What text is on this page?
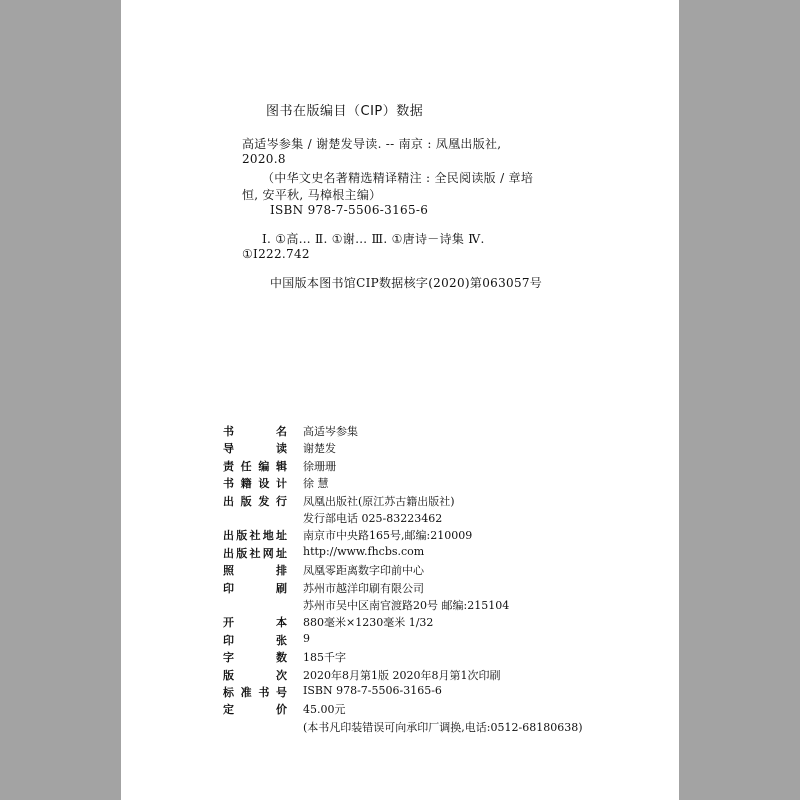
图书在版编目（CIP）数据
高适岑参集 / 谢楚发导读. -- 南京 : 凤凰出版社,
2020.8
（中华文史名著精选精译精注 : 全民阅读版 / 章培
恒, 安平秋, 马樟根主编）
ISBN 978-7-5506-3165-6
Ⅰ. ①高… Ⅱ. ①谢… Ⅲ. ①唐诗－诗集 Ⅳ.
①I222.742
中国版本图书馆CIP数据核字(2020)第063057号
书名 高适岑参集
导读 谢楚发
责任编辑 徐珊珊
书籍设计 徐 慧
出版发行 凤凰出版社(原江苏古籍出版社)
发行部电话 025-83223462
出版社地址 南京市中央路165号,邮编:210009
出版社网址 http://www.fhcbs.com
照排 凤凰零距离数字印前中心
印刷 苏州市越洋印刷有限公司
苏州市吴中区南官渡路20号 邮编:215104
开本 880毫米×1230毫米 1/32
印张 9
字数 185千字
版次 2020年8月第1版 2020年8月第1次印刷
标准书号 ISBN 978-7-5506-3165-6
定价 45.00元
(本书凡印装错误可向承印厂调换,电话:0512-68180638)
